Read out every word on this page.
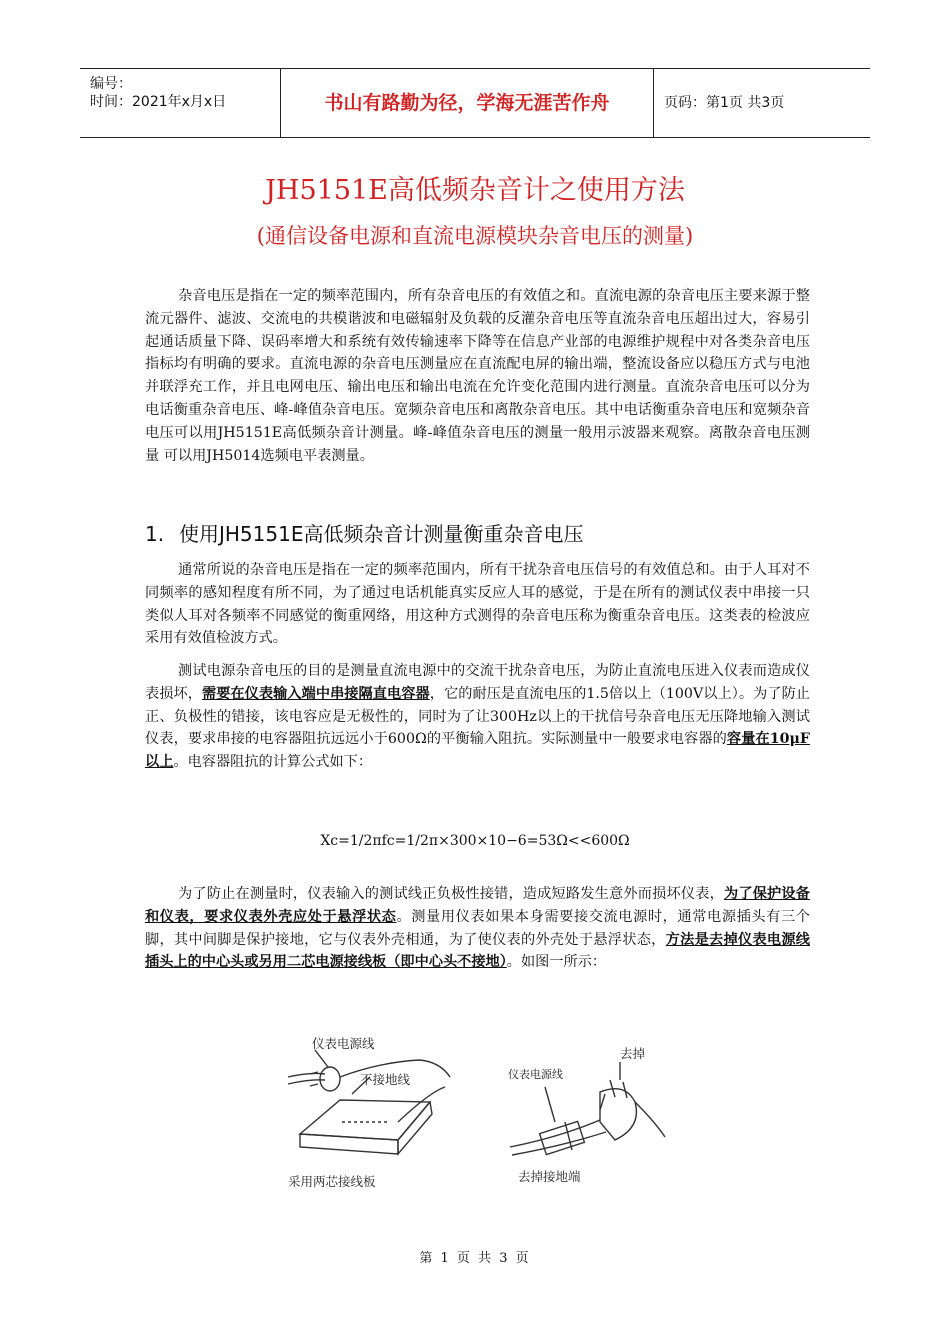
编号：
时间：2021年x月x日	书山有路勤为径，学海无涯苦作舟	页码：第1页 共3页
JH5151E高低频杂音计之使用方法
(通信设备电源和直流电源模块杂音电压的测量)

杂音电压是指在一定的频率范围内，所有杂音电压的有效值之和。直流电源的杂音电压主要来源于整流元器件、滤波、交流电的共模谐波和电磁辐射及负载的反灌杂音电压等直流杂音电压超出过大，容易引起通话质量下降、误码率增大和系统有效传输速率下降等在信息产业部的电源维护规程中对各类杂音电压指标均有明确的要求。直流电源的杂音电压测量应在直流配电屏的输出端，整流设备应以稳压方式与电池并联浮充工作，并且电网电压、输出电压和输出电流在允许变化范围内进行测量。直流杂音电压可以分为电话衡重杂音电压、峰-峰值杂音电压。宽频杂音电压和离散杂音电压。其中电话衡重杂音电压和宽频杂音电压可以用JH5151E高低频杂音计测量。峰-峰值杂音电压的测量一般用示波器来观察。离散杂音电压测量 可以用JH5014选频电平表测量。

1. 使用JH5151E高低频杂音计测量衡重杂音电压

通常所说的杂音电压是指在一定的频率范围内，所有干扰杂音电压信号的有效值总和。由于人耳对不同频率的感知程度有所不同，为了通过电话机能真实反应人耳的感觉，于是在所有的测试仪表中串接一只类似人耳对各频率不同感觉的衡重网络，用这种方式测得的杂音电压称为衡重杂音电压。这类表的检波应采用有效值检波方式。

测试电源杂音电压的目的是测量直流电源中的交流干扰杂音电压，为防止直流电压进入仪表而造成仪表损坏，需要在仪表输入端中串接隔直电容器，它的耐压是直流电压的1.5倍以上（100V以上）。为了防止正、负极性的错接，该电容应是无极性的，同时为了让300Hz以上的干扰信号杂音电压无压降地输入测试仪表，要求串接的电容器阻抗远远小于600Ω的平衡输入阻抗。实际测量中一般要求电容器的容量在10μF以上。电容器阻抗的计算公式如下：

Xc=1/2πfc=1/2π×300×10−6=53Ω<<600Ω

为了防止在测量时，仪表输入的测试线正负极性接错，造成短路发生意外而损坏仪表，为了保护设备和仪表，要求仪表外壳应处于悬浮状态。测量用仪表如果本身需要接交流电源时，通常电源插头有三个脚，其中间脚是保护接地，它与仪表外壳相通，为了使仪表的外壳处于悬浮状态，方法是去掉仪表电源线插头上的中心头或另用二芯电源接线板（即中心头不接地）。如图一所示：

仪表电源线
不接地线
采用两芯接线板
仪表电源线
去掉
去掉接地端
第 1 页 共 3 页
